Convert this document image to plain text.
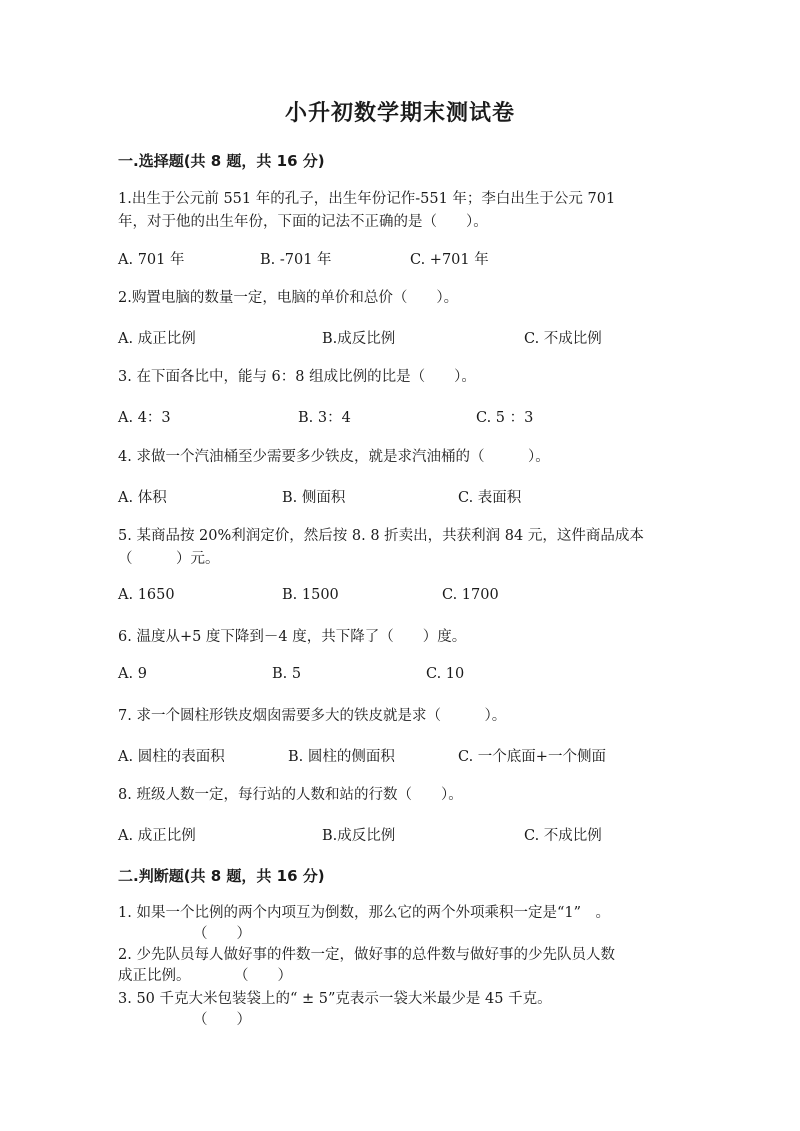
小升初数学期末测试卷
一.选择题(共 8 题，共 16 分)
1.出生于公元前 551 年的孔子，出生年份记作-551 年；李白出生于公元 701
年，对于他的出生年份，下面的记法不正确的是（　　）。
A. 701 年	B. -701 年	C. +701 年
2.购置电脑的数量一定，电脑的单价和总价（　　）。
A. 成正比例	B.成反比例	C. 不成比例
3. 在下面各比中，能与 6：8 组成比例的比是（　　）。
A. 4：3	B. 3：4	C. 5 ：3
4. 求做一个汽油桶至少需要多少铁皮，就是求汽油桶的（　　　）。
A. 体积	B. 侧面积	C. 表面积
5. 某商品按 20%利润定价，然后按 8. 8 折卖出，共获利润 84 元，这件商品成本
（　　　）元。
A. 1650	B. 1500	C. 1700
6. 温度从+5 度下降到－4 度，共下降了（　　）度。
A. 9	B. 5	C. 10
7. 求一个圆柱形铁皮烟囱需要多大的铁皮就是求（　　　）。
A. 圆柱的表面积	B. 圆柱的侧面积	C. 一个底面+一个侧面
8. 班级人数一定，每行站的人数和站的行数（　　）。
A. 成正比例	B.成反比例	C. 不成比例
二.判断题(共 8 题，共 16 分)
1. 如果一个比例的两个内项互为倒数，那么它的两个外项乘积一定是“1”　。
（　　）
2. 少先队员每人做好事的件数一定，做好事的总件数与做好事的少先队员人数
成正比例。　　　　（　　）
3. 50 千克大米包装袋上的“ ± 5”克表示一袋大米最少是 45 千克。
（　　）
